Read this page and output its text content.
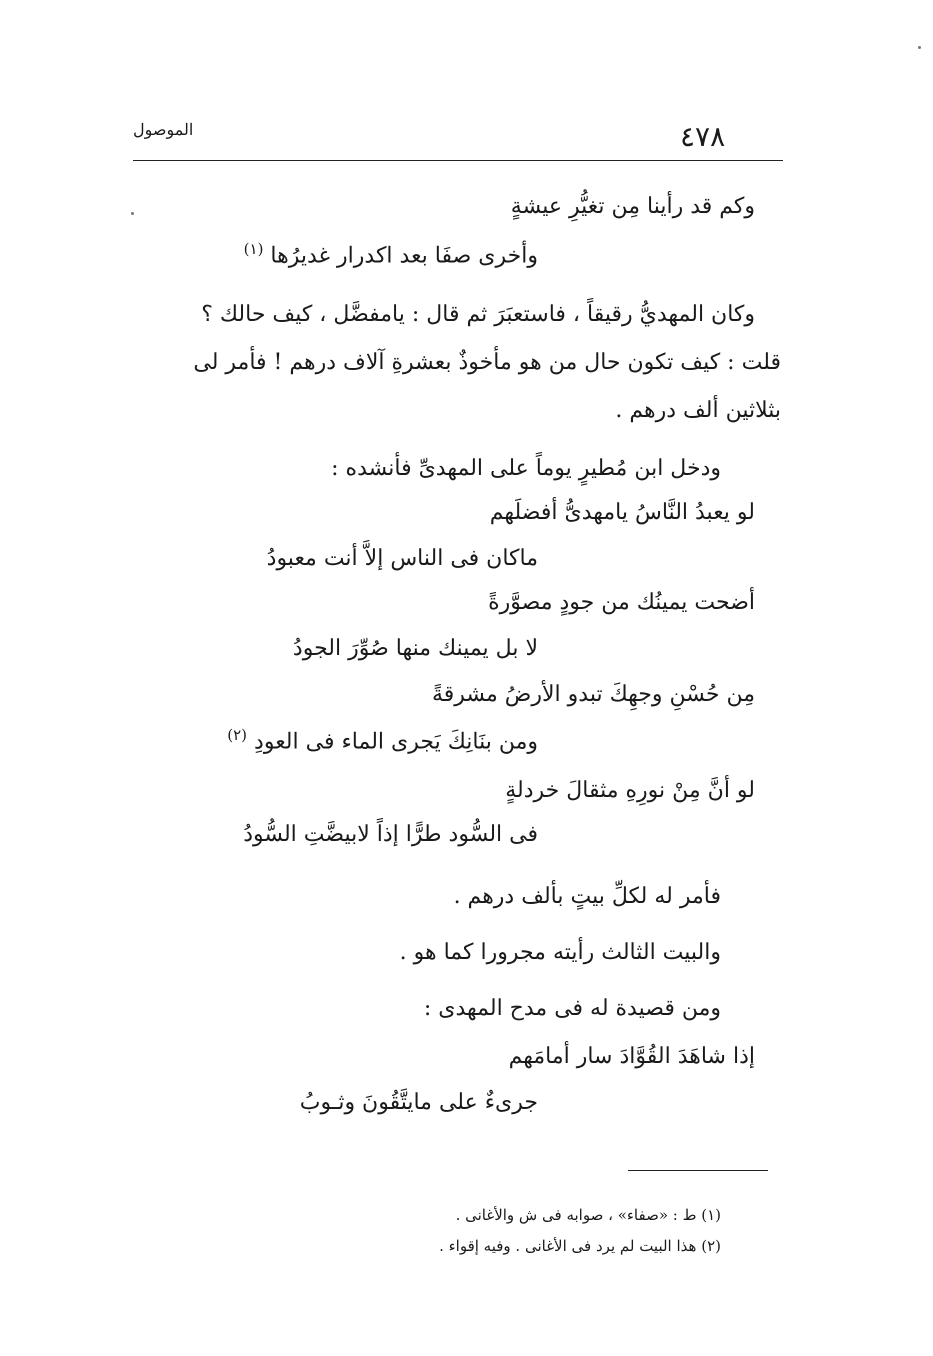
٤٧٨
الموصول
وكم قد رأينا مِن تغيُّرِ عيشةٍ
وأخرى صفَا بعد اكدرار غديرُها $^{(١)}$
وكان المهديُّ رقيقاً ، فاستعبَرَ ثم قال : يامفضَّل ، كيف حالك ؟
قلت : كيف تكون حال من هو مأخوذٌ بعشرةِ آلاف درهم ! فأمر لى
بثلاثين ألف درهم .
ودخل ابن مُطيرٍ يوماً على المهدىِّ فأنشده :
لو يعبدُ النَّاسُ يامهدىُّ أفضلَهم
ماكان فى الناس إلاَّ أنت معبودُ
أضحت يمينُك من جودٍ مصوَّرةً
لا بل يمينك منها صُوِّرَ الجودُ
مِن حُسْنِ وجهِكَ تبدو الأرضُ مشرقةً
ومن بنَانِكَ يَجرى الماء فى العودِ $^{(٢)}$
لو أنَّ مِنْ نورِهِ مثقالَ خردلةٍ
فى السُّود طرًّا إذاً لابيضَّتِ السُّودُ
فأمر له لكلِّ بيتٍ بألف درهم .
والبيت الثالث رأيته مجرورا كما هو .
ومن قصيدة له فى مدح المهدى :
إذا شاهَدَ القُوَّادَ سار أمامَهم
جرىءٌ على مايتَّقُونَ وثـوبُ
(١) ط : «صفاء» ، صوابه فى ش والأغانى .
(٢) هذا البيت لم يرد فى الأغانى . وفيه إقواء .
